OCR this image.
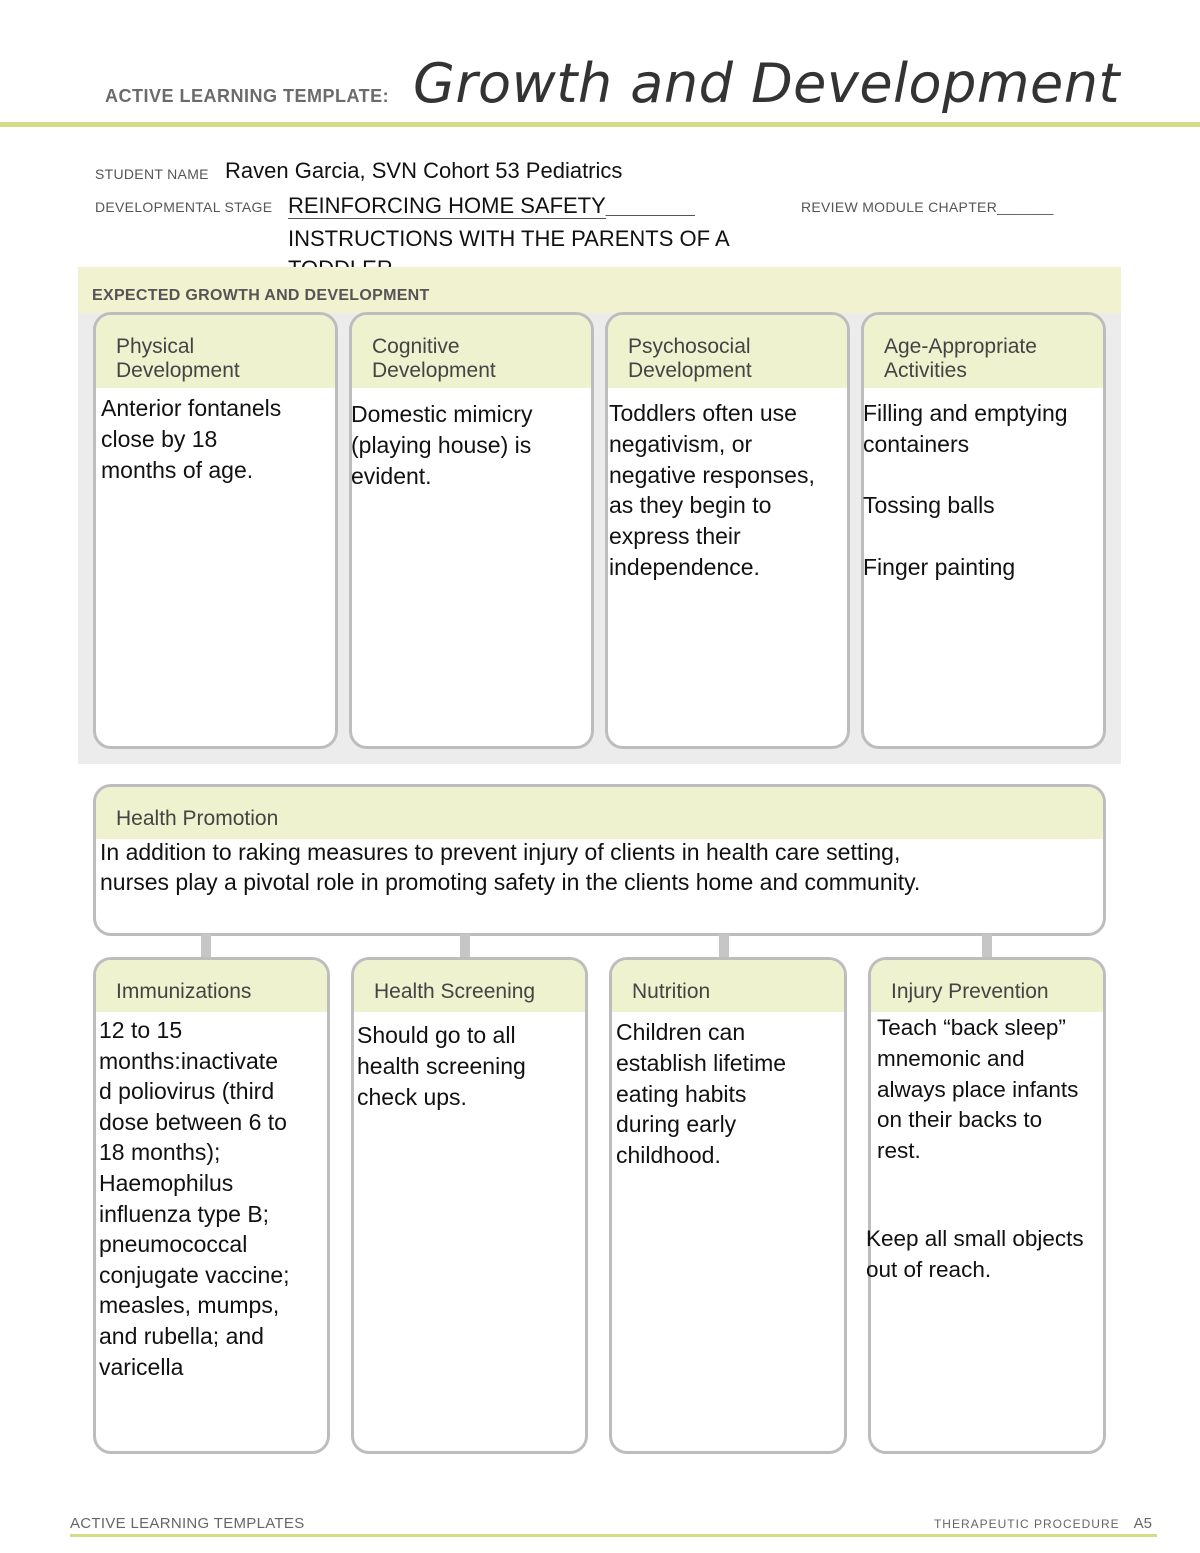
ACTIVE LEARNING TEMPLATE: Growth and Development
STUDENT NAME Raven Garcia, SVN Cohort 53 Pediatrics
DEVELOPMENTAL STAGE REINFORCING HOME SAFETY__________
INSTRUCTIONS WITH THE PARENTS OF A
REVIEW MODULE CHAPTER_______
EXPECTED GROWTH AND DEVELOPMENT
Physical
Development
Anterior fontanels
close by 18
months of age.
Cognitive
Development
Domestic mimicry
(playing house) is
evident.
Psychosocial
Development
Toddlers often use
negativism, or
negative responses,
as they begin to
express their
independence.
Age-Appropriate
Activities
Filling and emptying
containers
Tossing balls
Finger painting
Health Promotion
In addition to raking measures to prevent injury of clients in health care setting,
nurses play a pivotal role in promoting safety in the clients home and community.
Immunizations
12 to 15
months:inactivate
d poliovirus (third
dose between 6 to
18 months);
Haemophilus
influenza type B;
pneumococcal
conjugate vaccine;
measles, mumps,
and rubella; and
varicella
Health Screening
Should go to all
health screening
check ups.
Nutrition
Children can
establish lifetime
eating habits
during early
childhood.
Injury Prevention
Teach “back sleep”
mnemonic and
always place infants
on their backs to
rest.
Keep all small objects
out of reach.
ACTIVE LEARNING TEMPLATES	THERAPEUTIC PROCEDURE A5
